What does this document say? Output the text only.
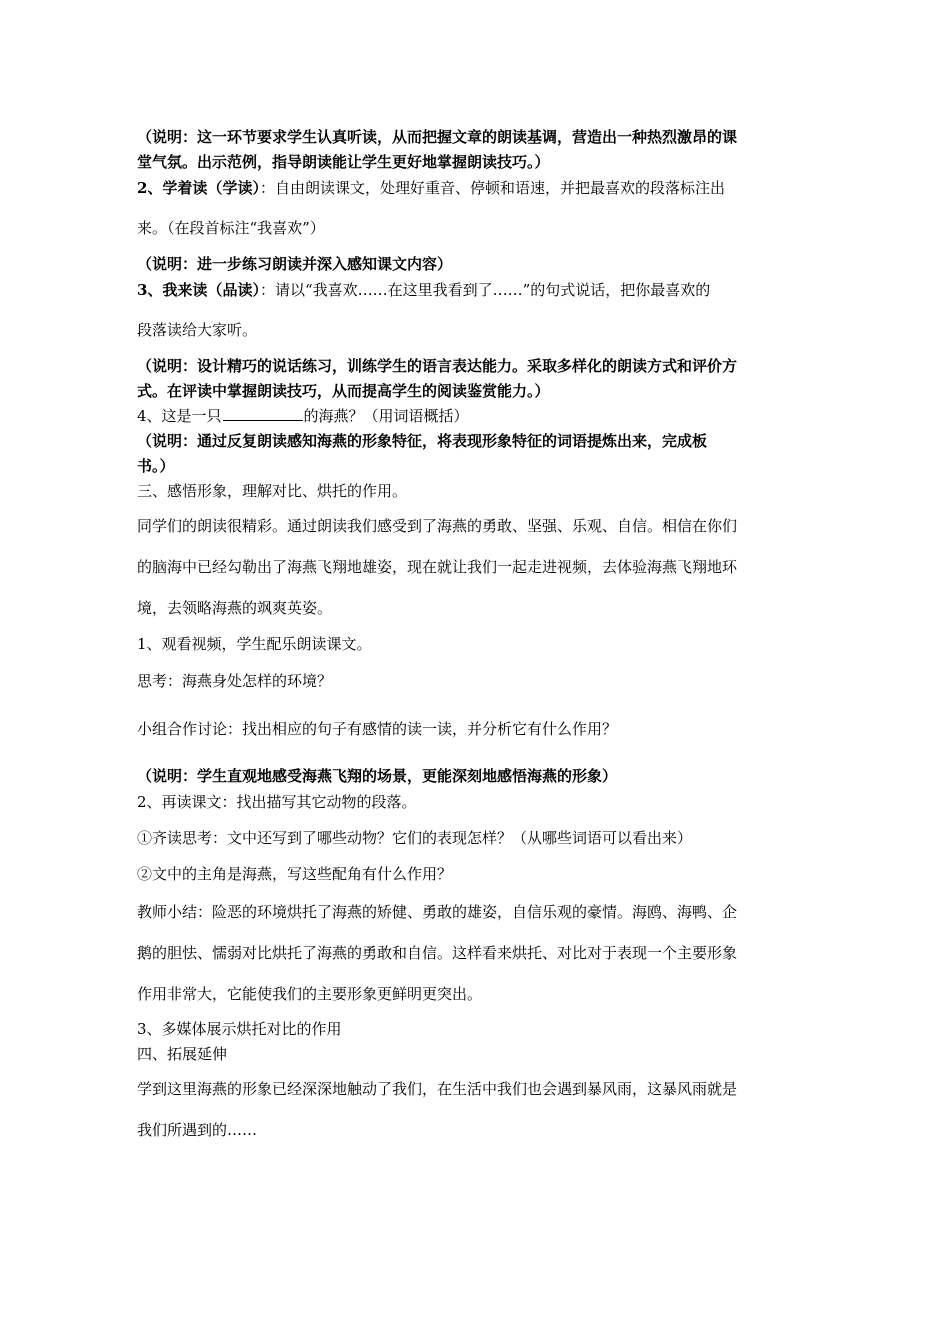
（说明：这一环节要求学生认真听读，从而把握文章的朗读基调，营造出一种热烈激昂的课
堂气氛。出示范例，指导朗读能让学生更好地掌握朗读技巧。）
2、学着读（学读）：自由朗读课文，处理好重音、停顿和语速，并把最喜欢的段落标注出
来。（在段首标注“我喜欢”）
（说明：进一步练习朗读并深入感知课文内容）
3、我来读（品读）：请以“我喜欢……在这里我看到了……”的句式说话，把你最喜欢的
段落读给大家听。
（说明：设计精巧的说话练习，训练学生的语言表达能力。采取多样化的朗读方式和评价方
式。在评读中掌握朗读技巧，从而提高学生的阅读鉴赏能力。）
4、这是一只	的海燕？（用词语概括）
（说明：通过反复朗读感知海燕的形象特征，将表现形象特征的词语提炼出来，完成板
书。）
三、感悟形象，理解对比、烘托的作用。
同学们的朗读很精彩。通过朗读我们感受到了海燕的勇敢、坚强、乐观、自信。相信在你们
的脑海中已经勾勒出了海燕飞翔地雄姿，现在就让我们一起走进视频，去体验海燕飞翔地环
境，去领略海燕的飒爽英姿。
1、观看视频，学生配乐朗读课文。
思考：海燕身处怎样的环境？
小组合作讨论：找出相应的句子有感情的读一读，并分析它有什么作用？
（说明：学生直观地感受海燕飞翔的场景，更能深刻地感悟海燕的形象）
2、再读课文：找出描写其它动物的段落。
①齐读思考：文中还写到了哪些动物？它们的表现怎样？（从哪些词语可以看出来）
②文中的主角是海燕，写这些配角有什么作用？
教师小结：险恶的环境烘托了海燕的矫健、勇敢的雄姿，自信乐观的豪情。海鸥、海鸭、企
鹅的胆怯、懦弱对比烘托了海燕的勇敢和自信。这样看来烘托、对比对于表现一个主要形象
作用非常大，它能使我们的主要形象更鲜明更突出。
3、多媒体展示烘托对比的作用
四、拓展延伸
学到这里海燕的形象已经深深地触动了我们，在生活中我们也会遇到暴风雨，这暴风雨就是
我们所遇到的……
